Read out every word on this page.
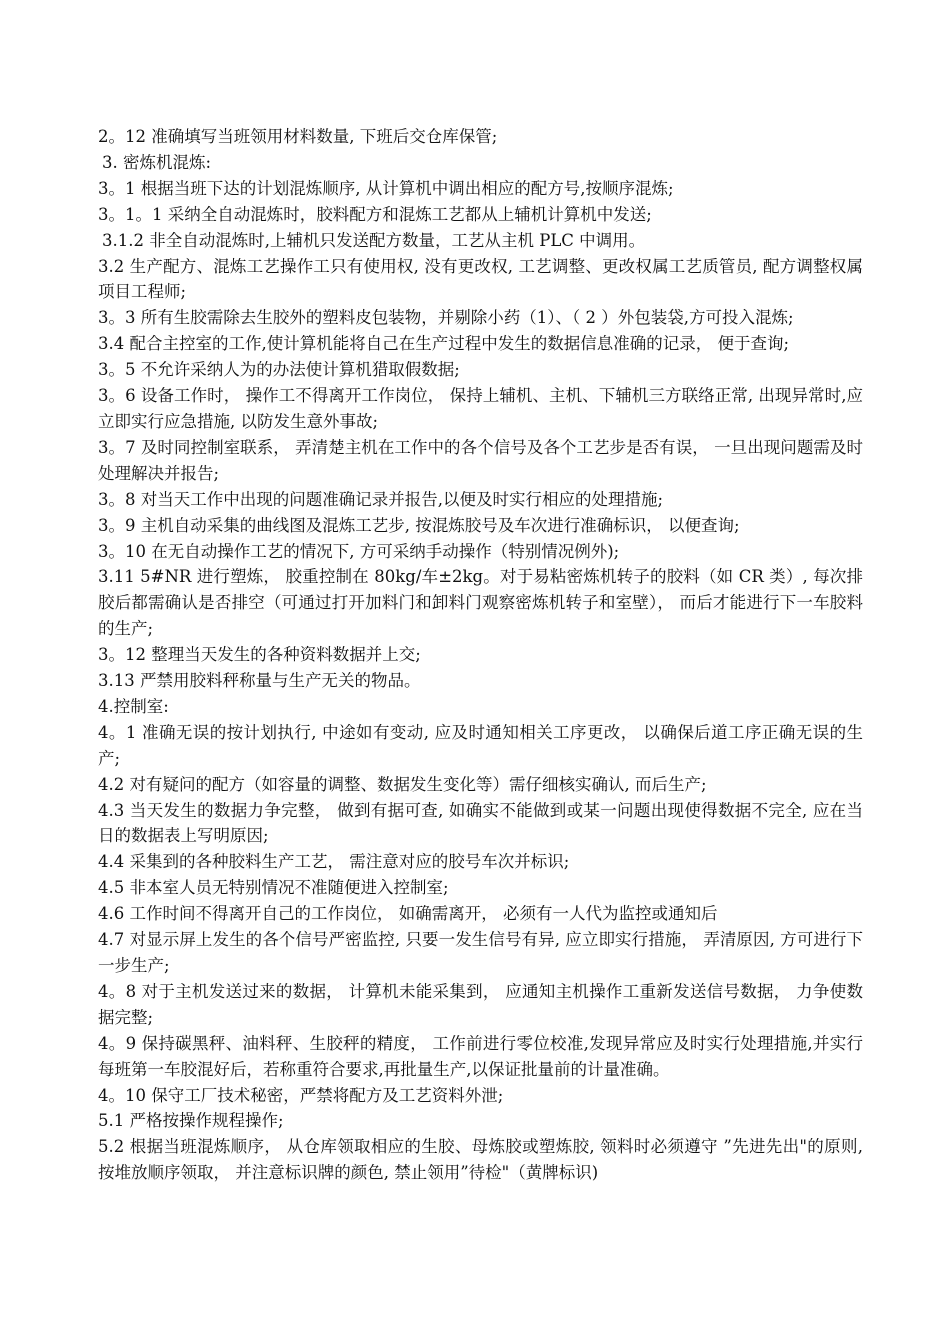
2。12 准确填写当班领用材料数量, 下班后交仓库保管;

3. 密炼机混炼:

3。1 根据当班下达的计划混炼顺序, 从计算机中调出相应的配方号,按顺序混炼;

3。1。1 采纳全自动混炼时，胶料配方和混炼工艺都从上辅机计算机中发送;

3.1.2 非全自动混炼时,上辅机只发送配方数量，工艺从主机 PLC 中调用。

3.2 生产配方、混炼工艺操作工只有使用权, 没有更改权, 工艺调整、更改权属工艺质管员, 配方调整权属项目工程师;

3。3 所有生胶需除去生胶外的塑料皮包装物，并剔除小药（1）、（ 2 ）外包装袋,方可投入混炼;

3.4 配合主控室的工作,使计算机能将自己在生产过程中发生的数据信息准确的记录， 便于查询;

3。5 不允许采纳人为的办法使计算机猎取假数据;

3。6 设备工作时， 操作工不得离开工作岗位， 保持上辅机、主机、下辅机三方联络正常, 出现异常时,应立即实行应急措施, 以防发生意外事故;

3。7 及时同控制室联系， 弄清楚主机在工作中的各个信号及各个工艺步是否有误， 一旦出现问题需及时处理解决并报告;

3。8 对当天工作中出现的问题准确记录并报告,以便及时实行相应的处理措施;

3。9 主机自动采集的曲线图及混炼工艺步, 按混炼胶号及车次进行准确标识， 以便查询;

3。10 在无自动操作工艺的情况下, 方可采纳手动操作（特别情况例外);

3.11 5#NR 进行塑炼， 胶重控制在 80kg/车±2kg。对于易粘密炼机转子的胶料（如 CR 类）, 每次排胶后都需确认是否排空（可通过打开加料门和卸料门观察密炼机转子和室壁）， 而后才能进行下一车胶料的生产;

3。12 整理当天发生的各种资料数据并上交;

3.13 严禁用胶料秤称量与生产无关的物品。

4.控制室:

4。1 准确无误的按计划执行, 中途如有变动, 应及时通知相关工序更改， 以确保后道工序正确无误的生产;

4.2 对有疑问的配方（如容量的调整、数据发生变化等）需仔细核实确认, 而后生产;

4.3 当天发生的数据力争完整， 做到有据可查, 如确实不能做到或某一问题出现使得数据不完全, 应在当日的数据表上写明原因;

4.4 采集到的各种胶料生产工艺， 需注意对应的胶号车次并标识;

4.5 非本室人员无特别情况不准随便进入控制室;

4.6 工作时间不得离开自己的工作岗位， 如确需离开， 必须有一人代为监控或通知后

4.7 对显示屏上发生的各个信号严密监控, 只要一发生信号有异, 应立即实行措施， 弄清原因, 方可进行下一步生产;

4。8 对于主机发送过来的数据， 计算机未能采集到， 应通知主机操作工重新发送信号数据， 力争使数据完整;

4。9 保持碳黑秤、油料秤、生胶秤的精度， 工作前进行零位校准,发现异常应及时实行处理措施,并实行每班第一车胶混好后，若称重符合要求,再批量生产,以保证批量前的计量准确。

4。10 保守工厂技术秘密，严禁将配方及工艺资料外泄;

5.1 严格按操作规程操作;

5.2 根据当班混炼顺序， 从仓库领取相应的生胶、母炼胶或塑炼胶, 领料时必须遵守 ”先进先出"的原则, 按堆放顺序领取， 并注意标识牌的颜色, 禁止领用”待检"（黄牌标识)
